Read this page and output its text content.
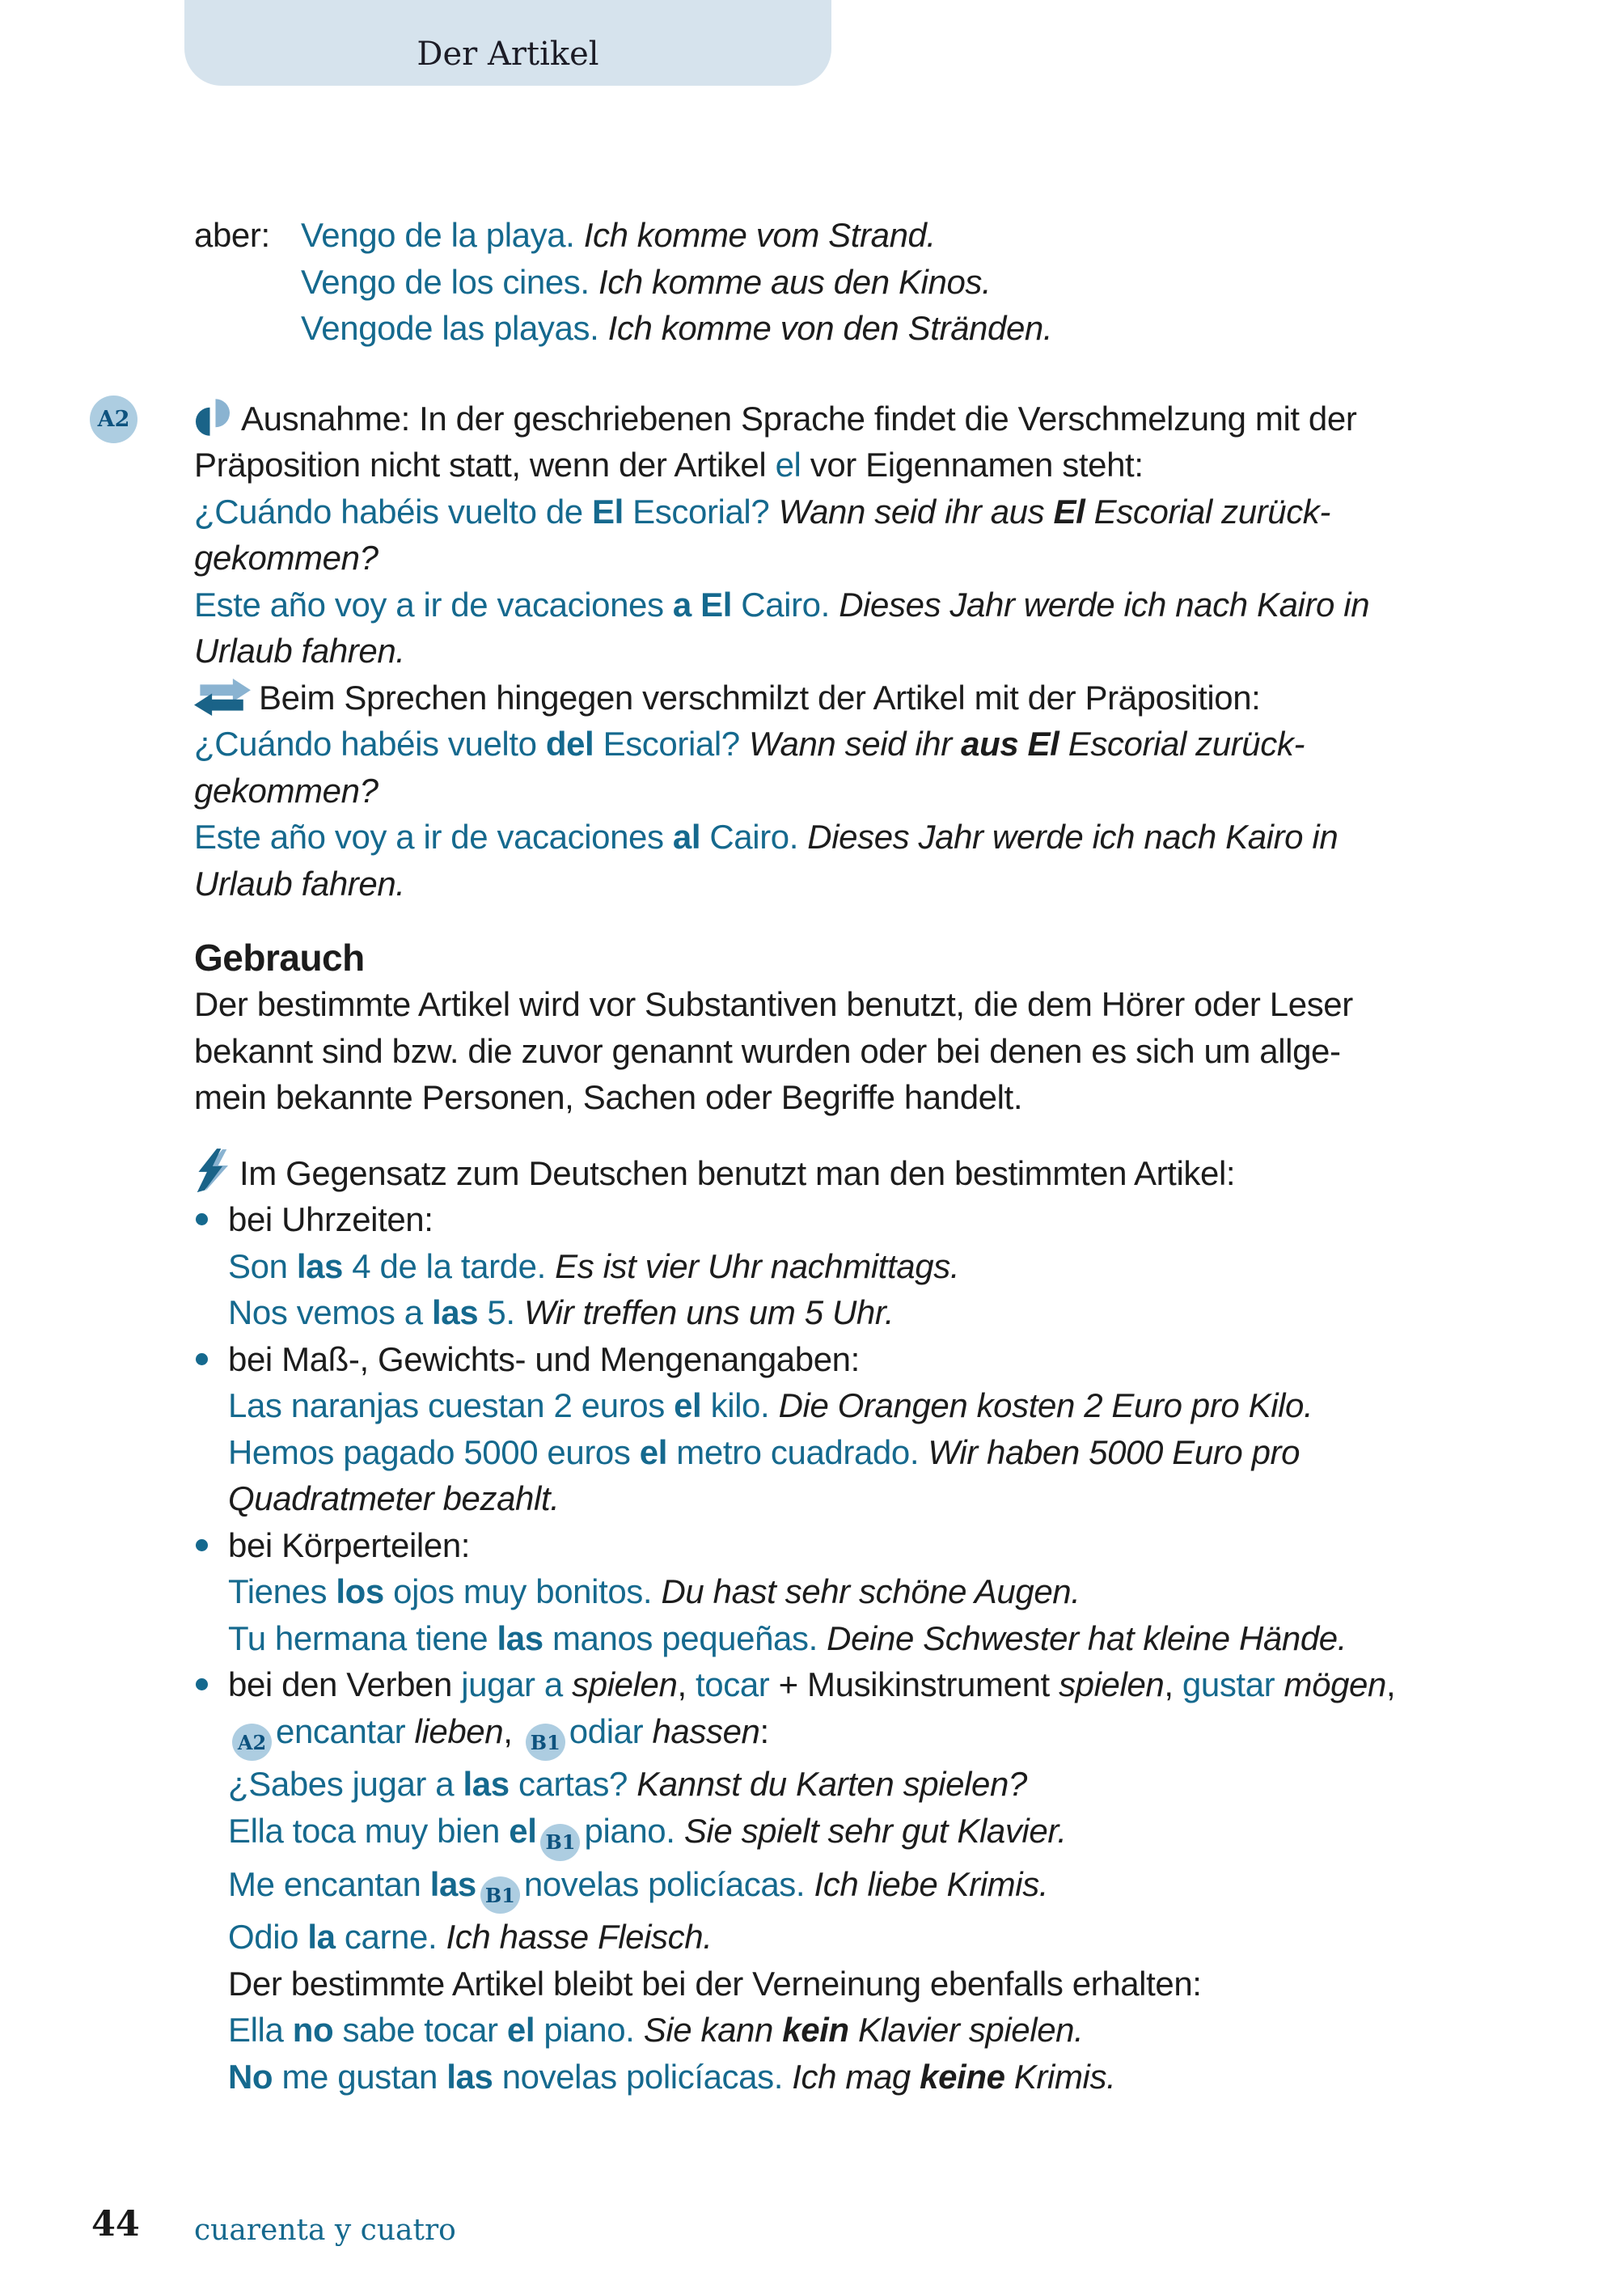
Der Artikel
A2
aber: Vengo de la playa. Ich komme vom Strand.
Vengo de los cines. Ich komme aus den Kinos.
Vengode las playas. Ich komme von den Stränden.
Ausnahme: In der geschriebenen Sprache findet die Verschmelzung mit der
Präposition nicht statt, wenn der Artikel el vor Eigennamen steht:
¿Cuándo habéis vuelto de El Escorial? Wann seid ihr aus El Escorial zurück-
gekommen?
Este año voy a ir de vacaciones a El Cairo. Dieses Jahr werde ich nach Kairo in
Urlaub fahren.
Beim Sprechen hingegen verschmilzt der Artikel mit der Präposition:
¿Cuándo habéis vuelto del Escorial? Wann seid ihr aus El Escorial zurück-
gekommen?
Este año voy a ir de vacaciones al Cairo. Dieses Jahr werde ich nach Kairo in
Urlaub fahren.
Gebrauch
Der bestimmte Artikel wird vor Substantiven benutzt, die dem Hörer oder Leser
bekannt sind bzw. die zuvor genannt wurden oder bei denen es sich um allge-
mein bekannte Personen, Sachen oder Begriffe handelt.
Im Gegensatz zum Deutschen benutzt man den bestimmten Artikel:
bei Uhrzeiten:
Son las 4 de la tarde. Es ist vier Uhr nachmittags.
Nos vemos a las 5. Wir treffen uns um 5 Uhr.
bei Maß-, Gewichts- und Mengenangaben:
Las naranjas cuestan 2 euros el kilo. Die Orangen kosten 2 Euro pro Kilo.
Hemos pagado 5000 euros el metro cuadrado. Wir haben 5000 Euro pro
Quadratmeter bezahlt.
bei Körperteilen:
Tienes los ojos muy bonitos. Du hast sehr schöne Augen.
Tu hermana tiene las manos pequeñas. Deine Schwester hat kleine Hände.
bei den Verben jugar a spielen, tocar + Musikinstrument spielen, gustar mögen,
A2 encantar lieben, B1 odiar hassen:
¿Sabes jugar a las cartas? Kannst du Karten spielen?
Ella toca muy bien el B1 piano. Sie spielt sehr gut Klavier.
Me encantan las B1 novelas policíacas. Ich liebe Krimis.
Odio la carne. Ich hasse Fleisch.
Der bestimmte Artikel bleibt bei der Verneinung ebenfalls erhalten:
Ella no sabe tocar el piano. Sie kann kein Klavier spielen.
No me gustan las novelas policíacas. Ich mag keine Krimis.
44 cuarenta y cuatro
